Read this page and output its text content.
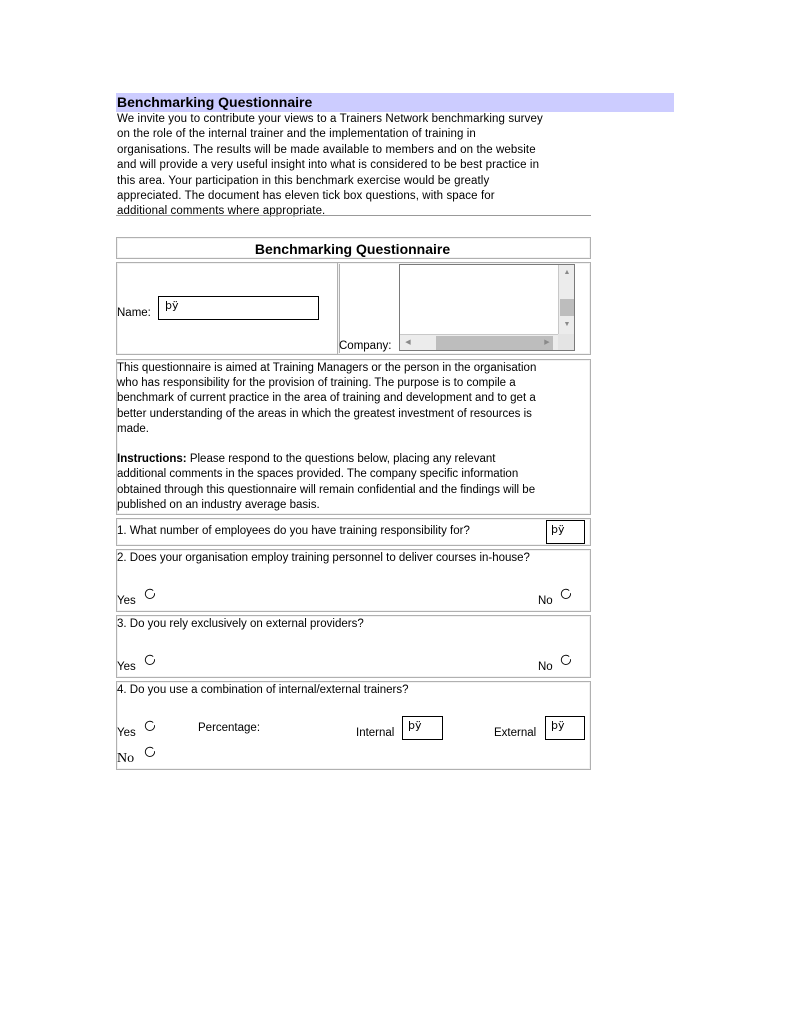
Benchmarking Questionnaire
We invite you to contribute your views to a Trainers Network benchmarking survey
on the role of the internal trainer and the implementation of training in
organisations. The results will be made available to members and on the website
and will provide a very useful insight into what is considered to be best practice in
this area. Your participation in this benchmark exercise would be greatly
appreciated. The document has eleven tick box questions, with space for
additional comments where appropriate.
Benchmarking Questionnaire
Name:
þÿ
Company:
▲
▼
◀	▶
This questionnaire is aimed at Training Managers or the person in the organisation
who has responsibility for the provision of training. The purpose is to compile a
benchmark of current practice in the area of training and development and to get a
better understanding of the areas in which the greatest investment of resources is
made.
Instructions: Please respond to the questions below, placing any relevant
additional comments in the spaces provided. The company specific information
obtained through this questionnaire will remain confidential and the findings will be
published on an industry average basis.
1. What number of employees do you have training responsibility for?	þÿ
2. Does your organisation employ training personnel to deliver courses in-house?
Yes	No
3. Do you rely exclusively on external providers?
Yes	No
4. Do you use a combination of internal/external trainers?
Yes	Percentage:	Internal
þÿ
External
þÿ
No
